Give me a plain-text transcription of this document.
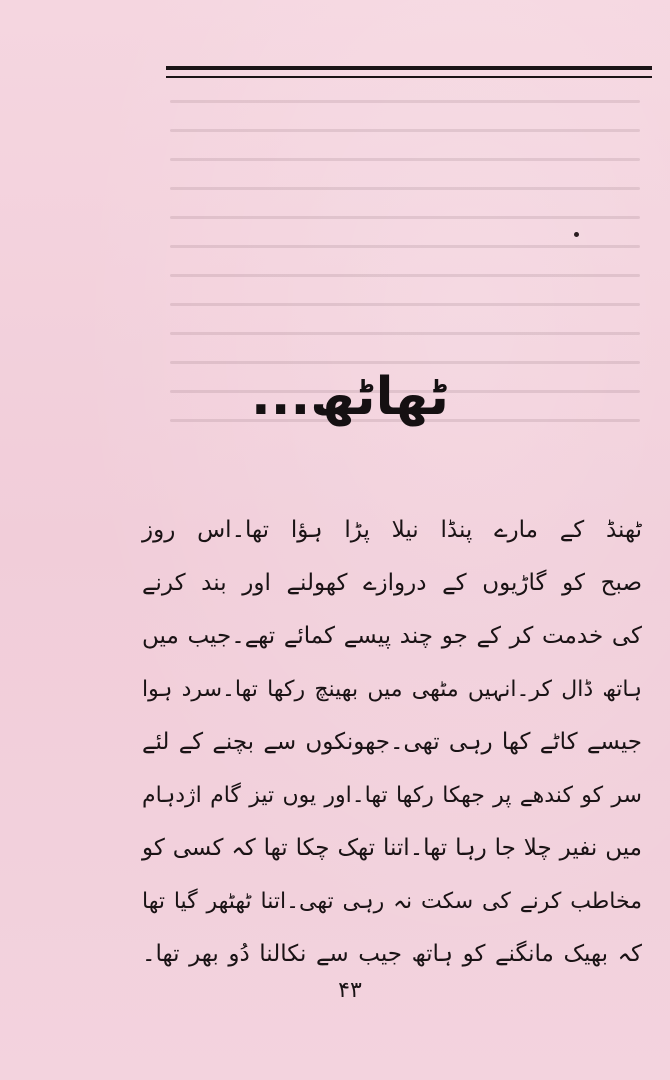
ٹھاٹھ...
ٹھنڈ کے مارے پنڈا نیلا پڑا ہؤا تھا۔اس روز
صبح کو گاڑیوں کے دروازے کھولنے اور بند کرنے
کی خدمت کر کے جو چند پیسے کمائے تھے۔جیب میں
ہاتھ ڈال کر۔انہیں مٹھی میں بھینچ رکھا تھا۔سرد ہوا
جیسے کاٹے کھا رہی تھی۔جھونکوں سے بچنے کے لئے
سر کو کندھے پر جھکا رکھا تھا۔اور یوں تیز گام اژدہام
میں نفیر چلا جا رہا تھا۔اتنا تھک چکا تھا کہ کسی کو
مخاطب کرنے کی سکت نہ رہی تھی۔اتنا ٹھٹھر گیا تھا
کہ بھیک مانگنے کو ہاتھ جیب سے نکالنا دُو بھر تھا۔
۴۳
